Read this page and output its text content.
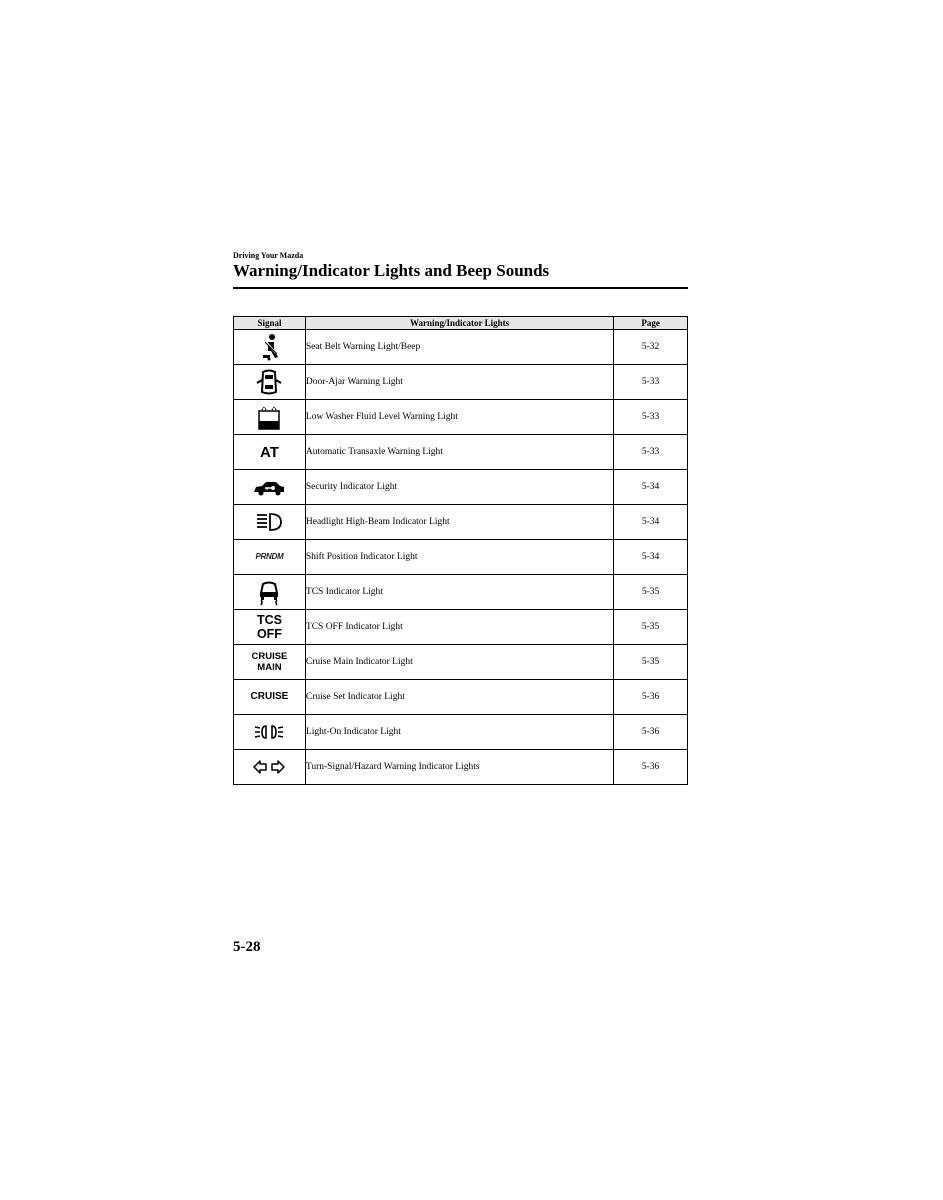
Driving Your Mazda
Warning/Indicator Lights and Beep Sounds
Signal	Warning/Indicator Lights	Page

	Seat Belt Warning Light/Beep	5-32

	Door-Ajar Warning Light	5-33

	Low Washer Fluid Level Warning Light	5-33
AT	Automatic Transaxle Warning Light	5-33

	Security Indicator Light	5-34

	Headlight High-Beam Indicator Light	5-34
PRNDM	Shift Position Indicator Light	5-34

	TCS Indicator Light	5-35
TCS
OFF	TCS OFF Indicator Light	5-35
CRUISE
MAIN	Cruise Main Indicator Light	5-35
CRUISE	Cruise Set Indicator Light	5-36

	Light-On Indicator Light	5-36

	Turn-Signal/Hazard Warning Indicator Lights	5-36
5-28
